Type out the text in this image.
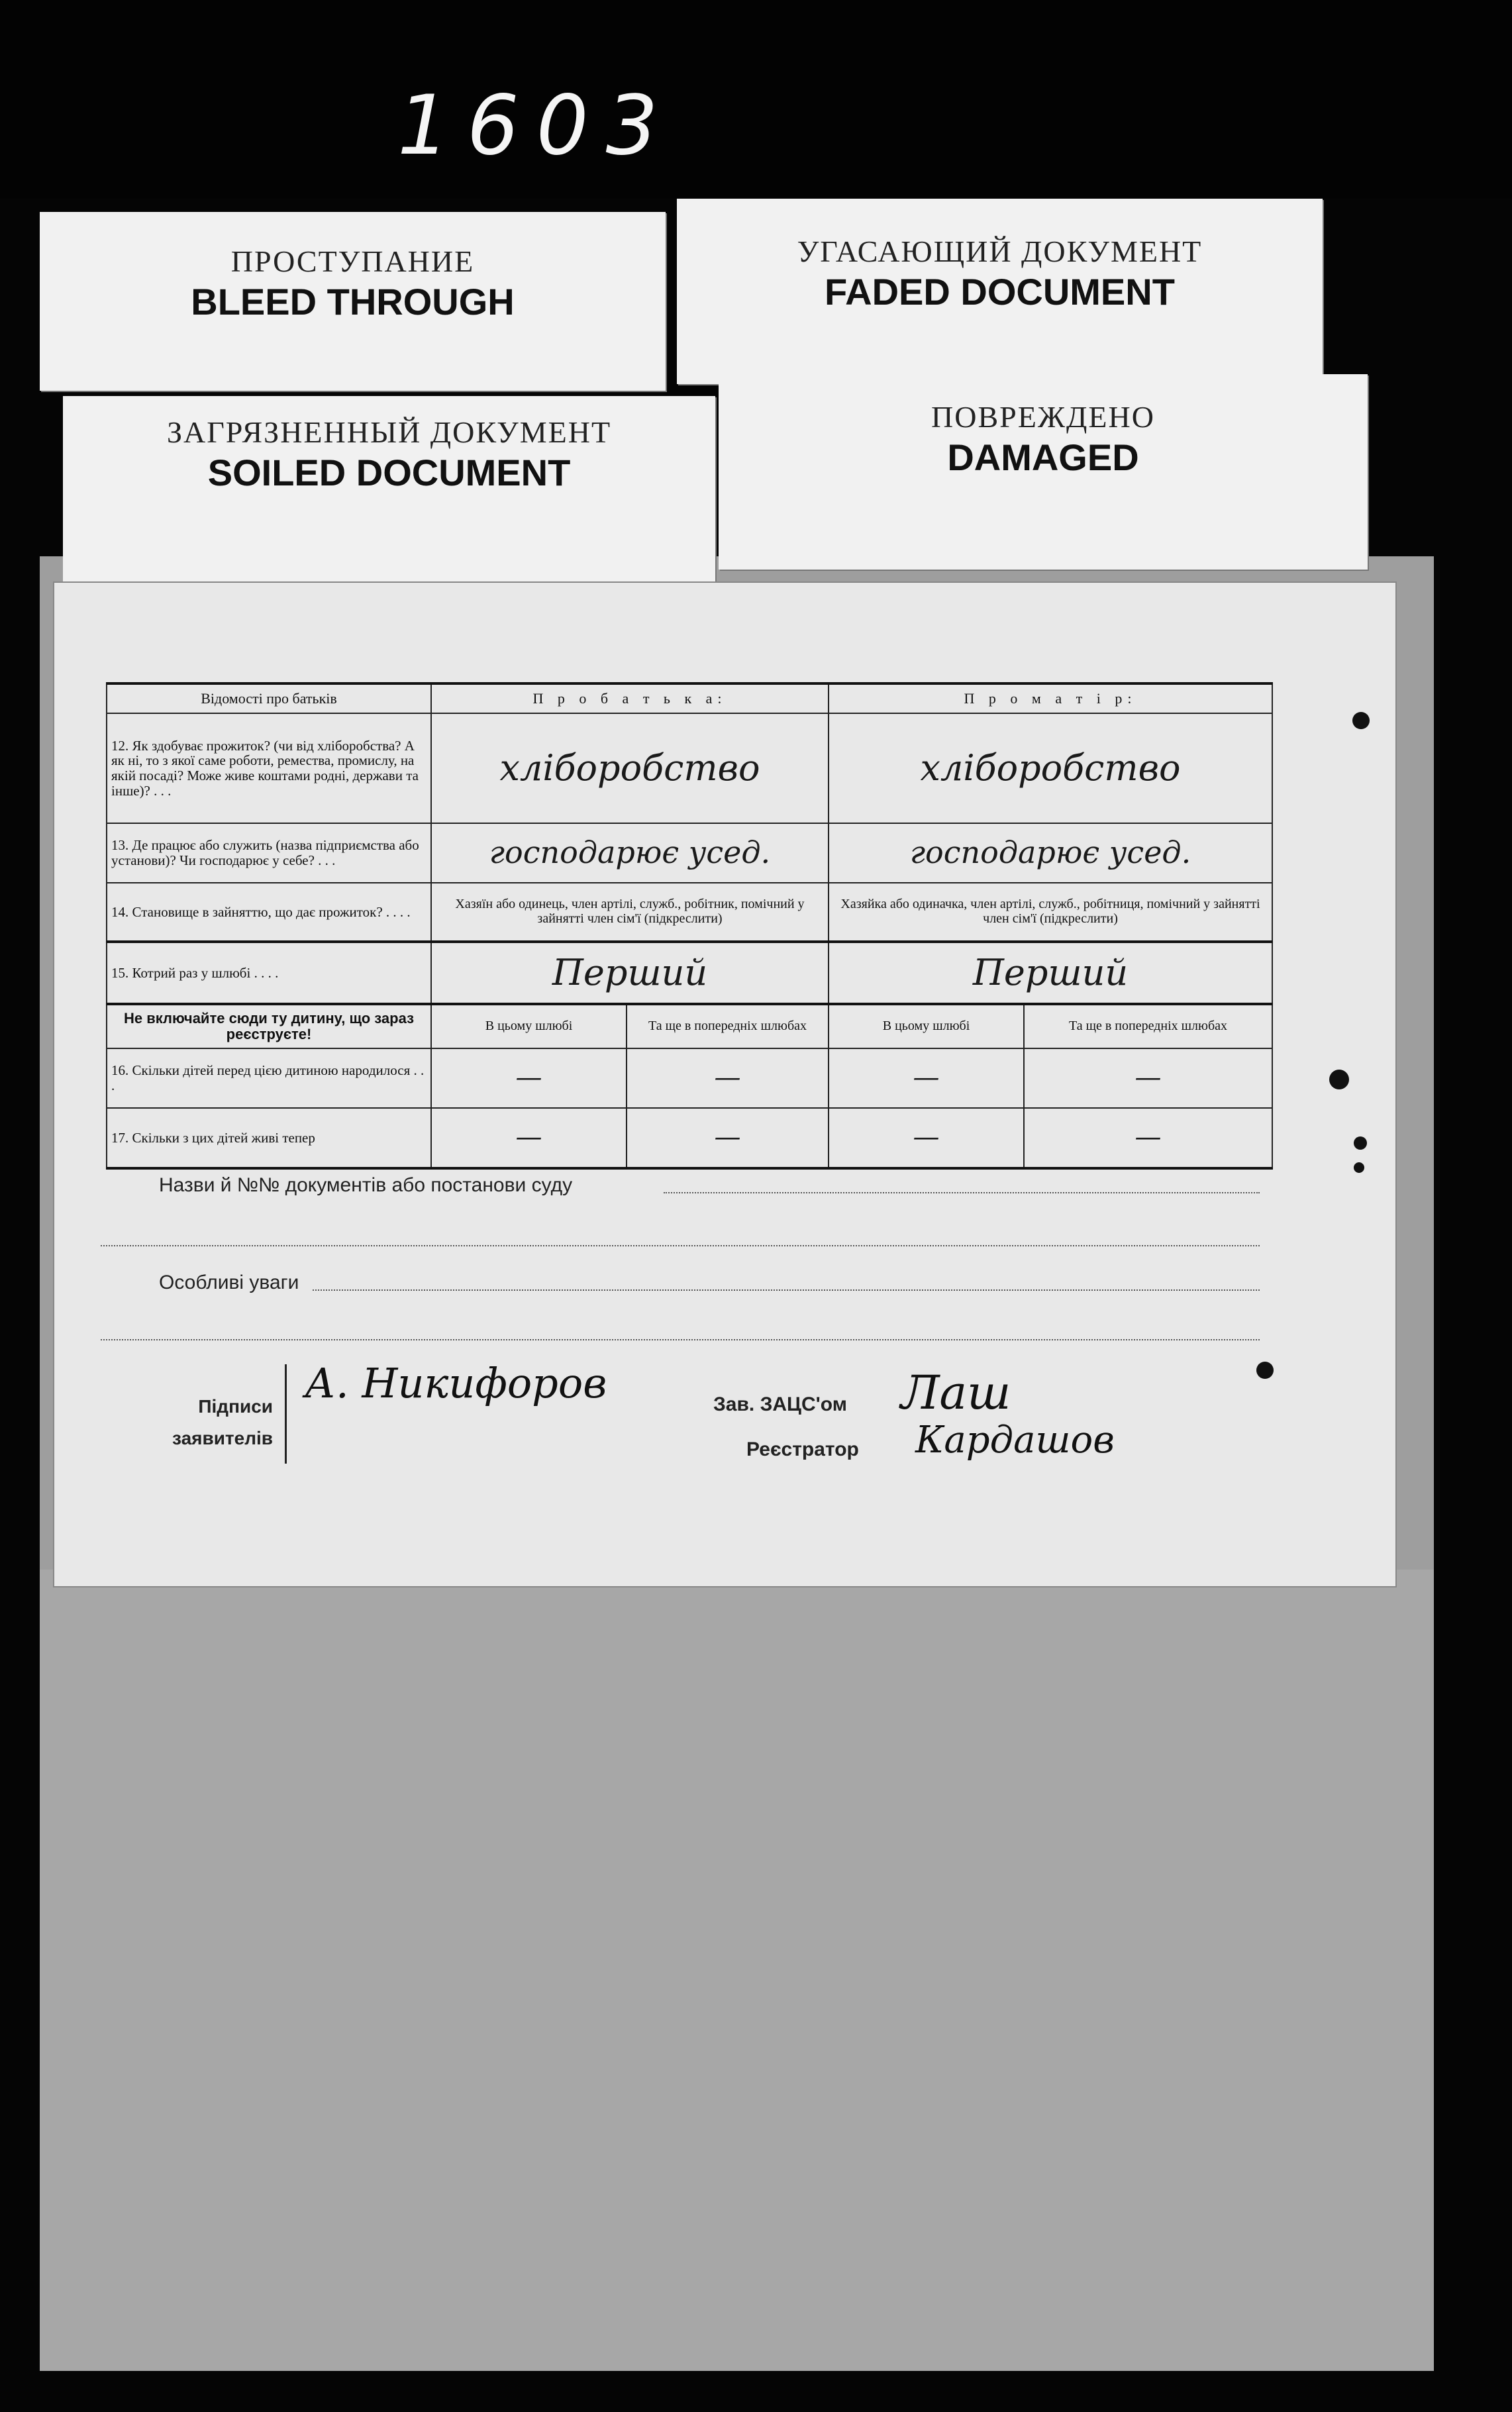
1603
ПРОСТУПАНИЕ
BLEED THROUGH
УГАСАЮЩИЙ ДОКУМЕНТ
FADED DOCUMENT
ЗАГРЯЗНЕННЫЙ ДОКУМЕНТ
SOILED DOCUMENT
ПОВРЕЖДЕНО
DAMAGED
Відомості про батьків	П р о б а т ь к а:		П р о м а т і р:	
12. Як здобуває прожиток? (чи від хліборобства? А як ні, то з якої саме роботи, ремества, промислу, на якій посаді? Може живе коштами родні, держави та інше)? . . .	хліборобство		хліборобство	
13. Де працює або служить (назва підприємства або установи)? Чи господарює у себе? . . .	господарює усед.		господарює усед.	
14. Становище в зайняттю, що дає прожиток? . . . .	Хазяїн або одинець, член артілі, служб., робітник, помічний у зайнятті член сім'ї (підкреслити)		Хазяйка або одиначка, член артілі, служб., робітниця, помічний у зайнятті член сім'ї (підкреслити)	
15. Котрий раз у шлюбі . . . .	Перший		Перший	
Не включайте сюди ту дитину, що зараз реєструєте!	В цьому шлюбі	Та ще в попередніх шлюбах	В цьому шлюбі	Та ще в попередніх шлюбах
16. Скільки дітей перед цією дитиною народилося . . .	—	—	—	—
17. Скільки з цих дітей живі тепер	—	—	—	—
Назви й №№ документів або постанови суду
Особливі уваги
Підписи заявителів
А. Никифоров	Зав. ЗАЦС'ом Лаш
Реєстратор Кардашов
